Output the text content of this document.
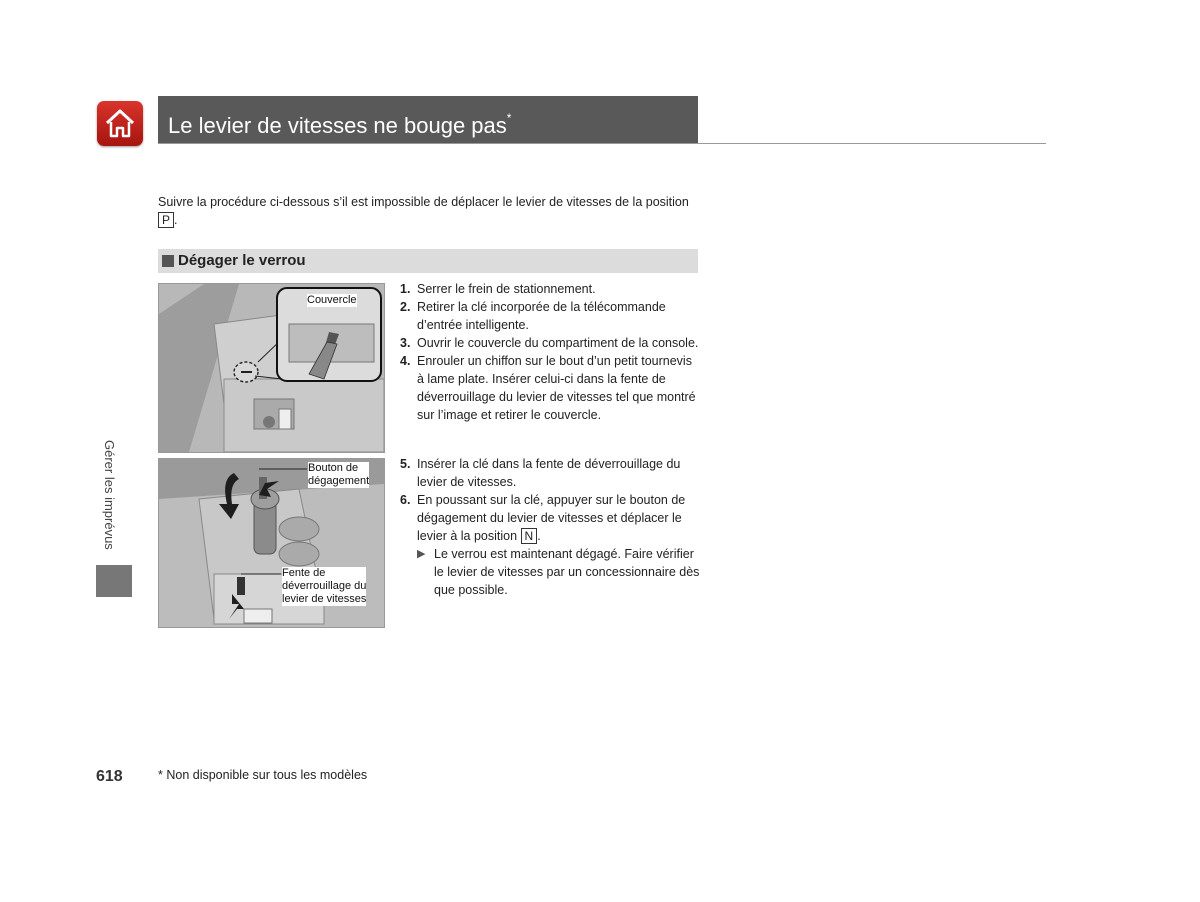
Le levier de vitesses ne bouge pas*
Gérer les imprévus
Suivre la procédure ci-dessous s’il est impossible de déplacer le levier de vitesses de la position
P .
Dégager le verrou
Couvercle
Bouton de
dégagement
Fente de
déverrouillage du
levier de vitesses
1. Serrer le frein de stationnement.
2. Retirer la clé incorporée de la télécommande d’entrée intelligente.
3. Ouvrir le couvercle du compartiment de la console.
4. Enrouler un chiffon sur le bout d’un petit tournevis à lame plate. Insérer celui-ci dans la fente de déverrouillage du levier de vitesses tel que montré sur l’image et retirer le couvercle.
5. Insérer la clé dans la fente de déverrouillage du levier de vitesses.
6. En poussant sur la clé, appuyer sur le bouton de dégagement du levier de vitesses et déplacer le levier à la position N .
▶ Le verrou est maintenant dégagé. Faire vérifier le levier de vitesses par un concessionnaire dès que possible.
618	* Non disponible sur tous les modèles
